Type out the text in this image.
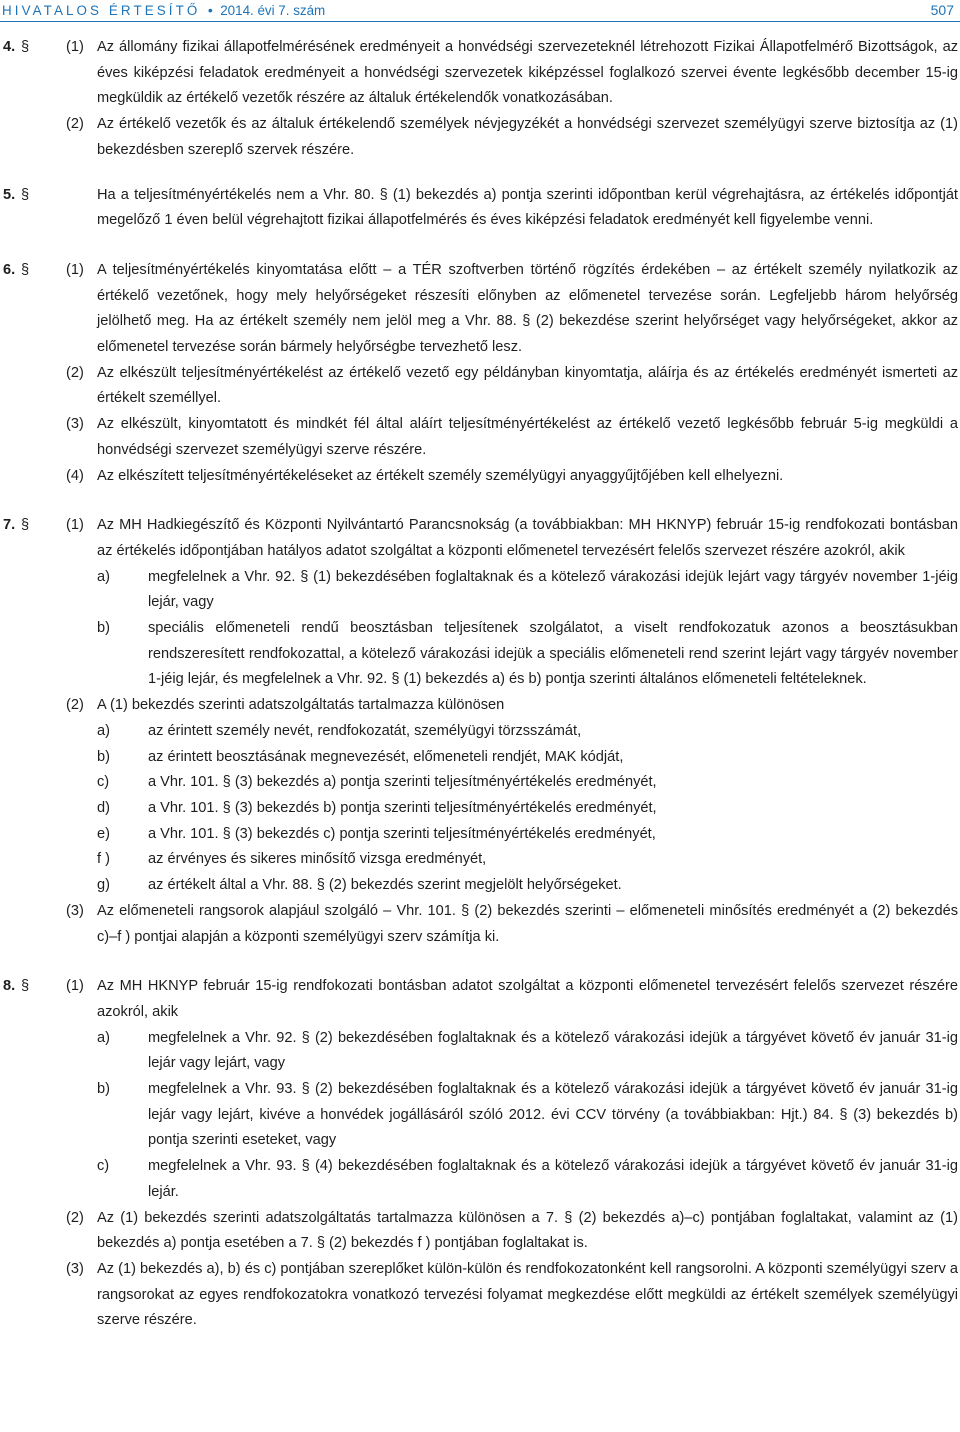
HIVATALOS ÉRTESÍTŐ • 2014. évi 7. szám	507
4. §	(1) Az állomány fizikai állapotfelmérésének eredményeit a honvédségi szervezeteknél létrehozott Fizikai Állapotfelmérő Bizottságok, az éves kiképzési feladatok eredményeit a honvédségi szervezetek kiképzéssel foglalkozó szervei évente legkésőbb december 15-ig megküldik az értékelő vezetők részére az általuk értékelendők vonatkozásában.
(2) Az értékelő vezetők és az általuk értékelendő személyek névjegyzékét a honvédségi szervezet személyügyi szerve biztosítja az (1) bekezdésben szereplő szervek részére.
5. §	Ha a teljesítményértékelés nem a Vhr. 80. § (1) bekezdés a) pontja szerinti időpontban kerül végrehajtásra, az értékelés időpontját megelőző 1 éven belül végrehajtott fizikai állapotfelmérés és éves kiképzési feladatok eredményét kell figyelembe venni.
6. §	(1) A teljesítményértékelés kinyomtatása előtt – a TÉR szoftverben történő rögzítés érdekében – az értékelt személy nyilatkozik az értékelő vezetőnek, hogy mely helyőrségeket részesíti előnyben az előmenetel tervezése során. Legfeljebb három helyőrség jelölhető meg. Ha az értékelt személy nem jelöl meg a Vhr. 88. § (2) bekezdése szerint helyőrséget vagy helyőrségeket, akkor az előmenetel tervezése során bármely helyőrségbe tervezhető lesz.
(2) Az elkészült teljesítményértékelést az értékelő vezető egy példányban kinyomtatja, aláírja és az értékelés eredményét ismerteti az értékelt személlyel.
(3) Az elkészült, kinyomtatott és mindkét fél által aláírt teljesítményértékelést az értékelő vezető legkésőbb február 5-ig megküldi a honvédségi szervezet személyügyi szerve részére.
(4) Az elkészített teljesítményértékeléseket az értékelt személy személyügyi anyaggyűjtőjében kell elhelyezni.
7. §	(1) Az MH Hadkiegészítő és Központi Nyilvántartó Parancsnokság (a továbbiakban: MH HKNYP) február 15-ig rendfokozati bontásban az értékelés időpontjában hatályos adatot szolgáltat a központi előmenetel tervezésért felelős szervezet részére azokról, akik
a)	megfelelnek a Vhr. 92. § (1) bekezdésében foglaltaknak és a kötelező várakozási idejük lejárt vagy tárgyév november 1-jéig lejár, vagy
b)	speciális előmeneteli rendű beosztásban teljesítenek szolgálatot, a viselt rendfokozatuk azonos a beosztásukban rendszeresített rendfokozattal, a kötelező várakozási idejük a speciális előmeneteli rend szerint lejárt vagy tárgyév november 1-jéig lejár, és megfelelnek a Vhr. 92. § (1) bekezdés a) és b) pontja szerinti általános előmeneteli feltételeknek.
(2) A (1) bekezdés szerinti adatszolgáltatás tartalmazza különösen
a)	az érintett személy nevét, rendfokozatát, személyügyi törzsszámát,
b)	az érintett beosztásának megnevezését, előmeneteli rendjét, MAK kódját,
c)	a Vhr. 101. § (3) bekezdés a) pontja szerinti teljesítményértékelés eredményét,
d)	a Vhr. 101. § (3) bekezdés b) pontja szerinti teljesítményértékelés eredményét,
e)	a Vhr. 101. § (3) bekezdés c) pontja szerinti teljesítményértékelés eredményét,
f )	az érvényes és sikeres minősítő vizsga eredményét,
g)	az értékelt által a Vhr. 88. § (2) bekezdés szerint megjelölt helyőrségeket.
(3) Az előmeneteli rangsorok alapjául szolgáló – Vhr. 101. § (2) bekezdés szerinti – előmeneteli minősítés eredményét a (2) bekezdés c)–f ) pontjai alapján a központi személyügyi szerv számítja ki.
8. §	(1) Az MH HKNYP február 15-ig rendfokozati bontásban adatot szolgáltat a központi előmenetel tervezésért felelős szervezet részére azokról, akik
a)	megfelelnek a Vhr. 92. § (2) bekezdésében foglaltaknak és a kötelező várakozási idejük a tárgyévet követő év január 31-ig lejár vagy lejárt, vagy
b)	megfelelnek a Vhr. 93. § (2) bekezdésében foglaltaknak és a kötelező várakozási idejük a tárgyévet követő év január 31-ig lejár vagy lejárt, kivéve a honvédek jogállásáról szóló 2012. évi CCV törvény (a továbbiakban: Hjt.) 84. § (3) bekezdés b) pontja szerinti eseteket, vagy
c)	megfelelnek a Vhr. 93. § (4) bekezdésében foglaltaknak és a kötelező várakozási idejük a tárgyévet követő év január 31-ig lejár.
(2) Az (1) bekezdés szerinti adatszolgáltatás tartalmazza különösen a 7. § (2) bekezdés a)–c) pontjában foglaltakat, valamint az (1) bekezdés a) pontja esetében a 7. § (2) bekezdés f ) pontjában foglaltakat is.
(3) Az (1) bekezdés a), b) és c) pontjában szereplőket külön-külön és rendfokozatonként kell rangsorolni. A központi személyügyi szerv a rangsorokat az egyes rendfokozatokra vonatkozó tervezési folyamat megkezdése előtt megküldi az értékelt személyek személyügyi szerve részére.
